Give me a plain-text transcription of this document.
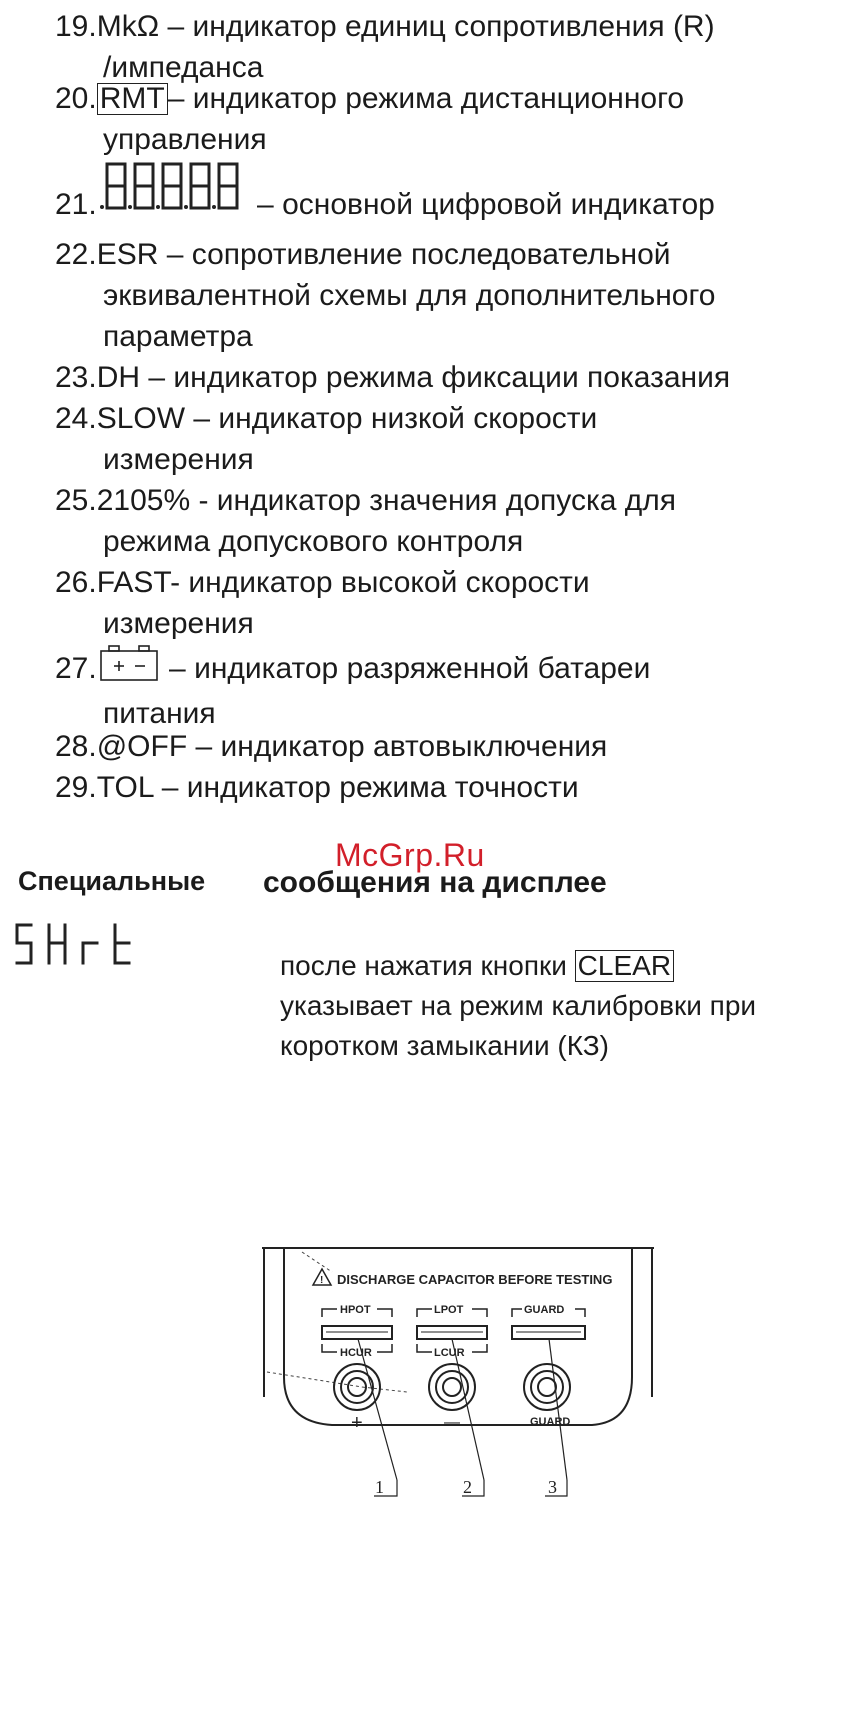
19.MkΩ – индикатор единиц сопротивления (R)
/импеданса
20. RMT – индикатор режима дистанционного
управления
21.	– основной цифровой индикатор
22.ESR – сопротивление последовательной
эквивалентной схемы для дополнительного
параметра
23.DH – индикатор режима фиксации показания
24.SLOW – индикатор низкой скорости
измерения
25.2105% - индикатор значения допуска для
режима допускового контроля
26.FAST- индикатор высокой скорости
измерения
27. – индикатор разряженной батареи
питания
28.@OFF – индикатор автовыключения
29.TOL – индикатор режима точности
McGrp.Ru
Специальные сообщения на дисплее
после нажатия кнопки CLEAR
указывает на режим калибровки при
коротком замыкании (КЗ)
! DISCHARGE CAPACITOR BEFORE TESTING
HPOT	LPOT	GUARD
HCUR	LCUR
+	—	GUARD
1	2	3
